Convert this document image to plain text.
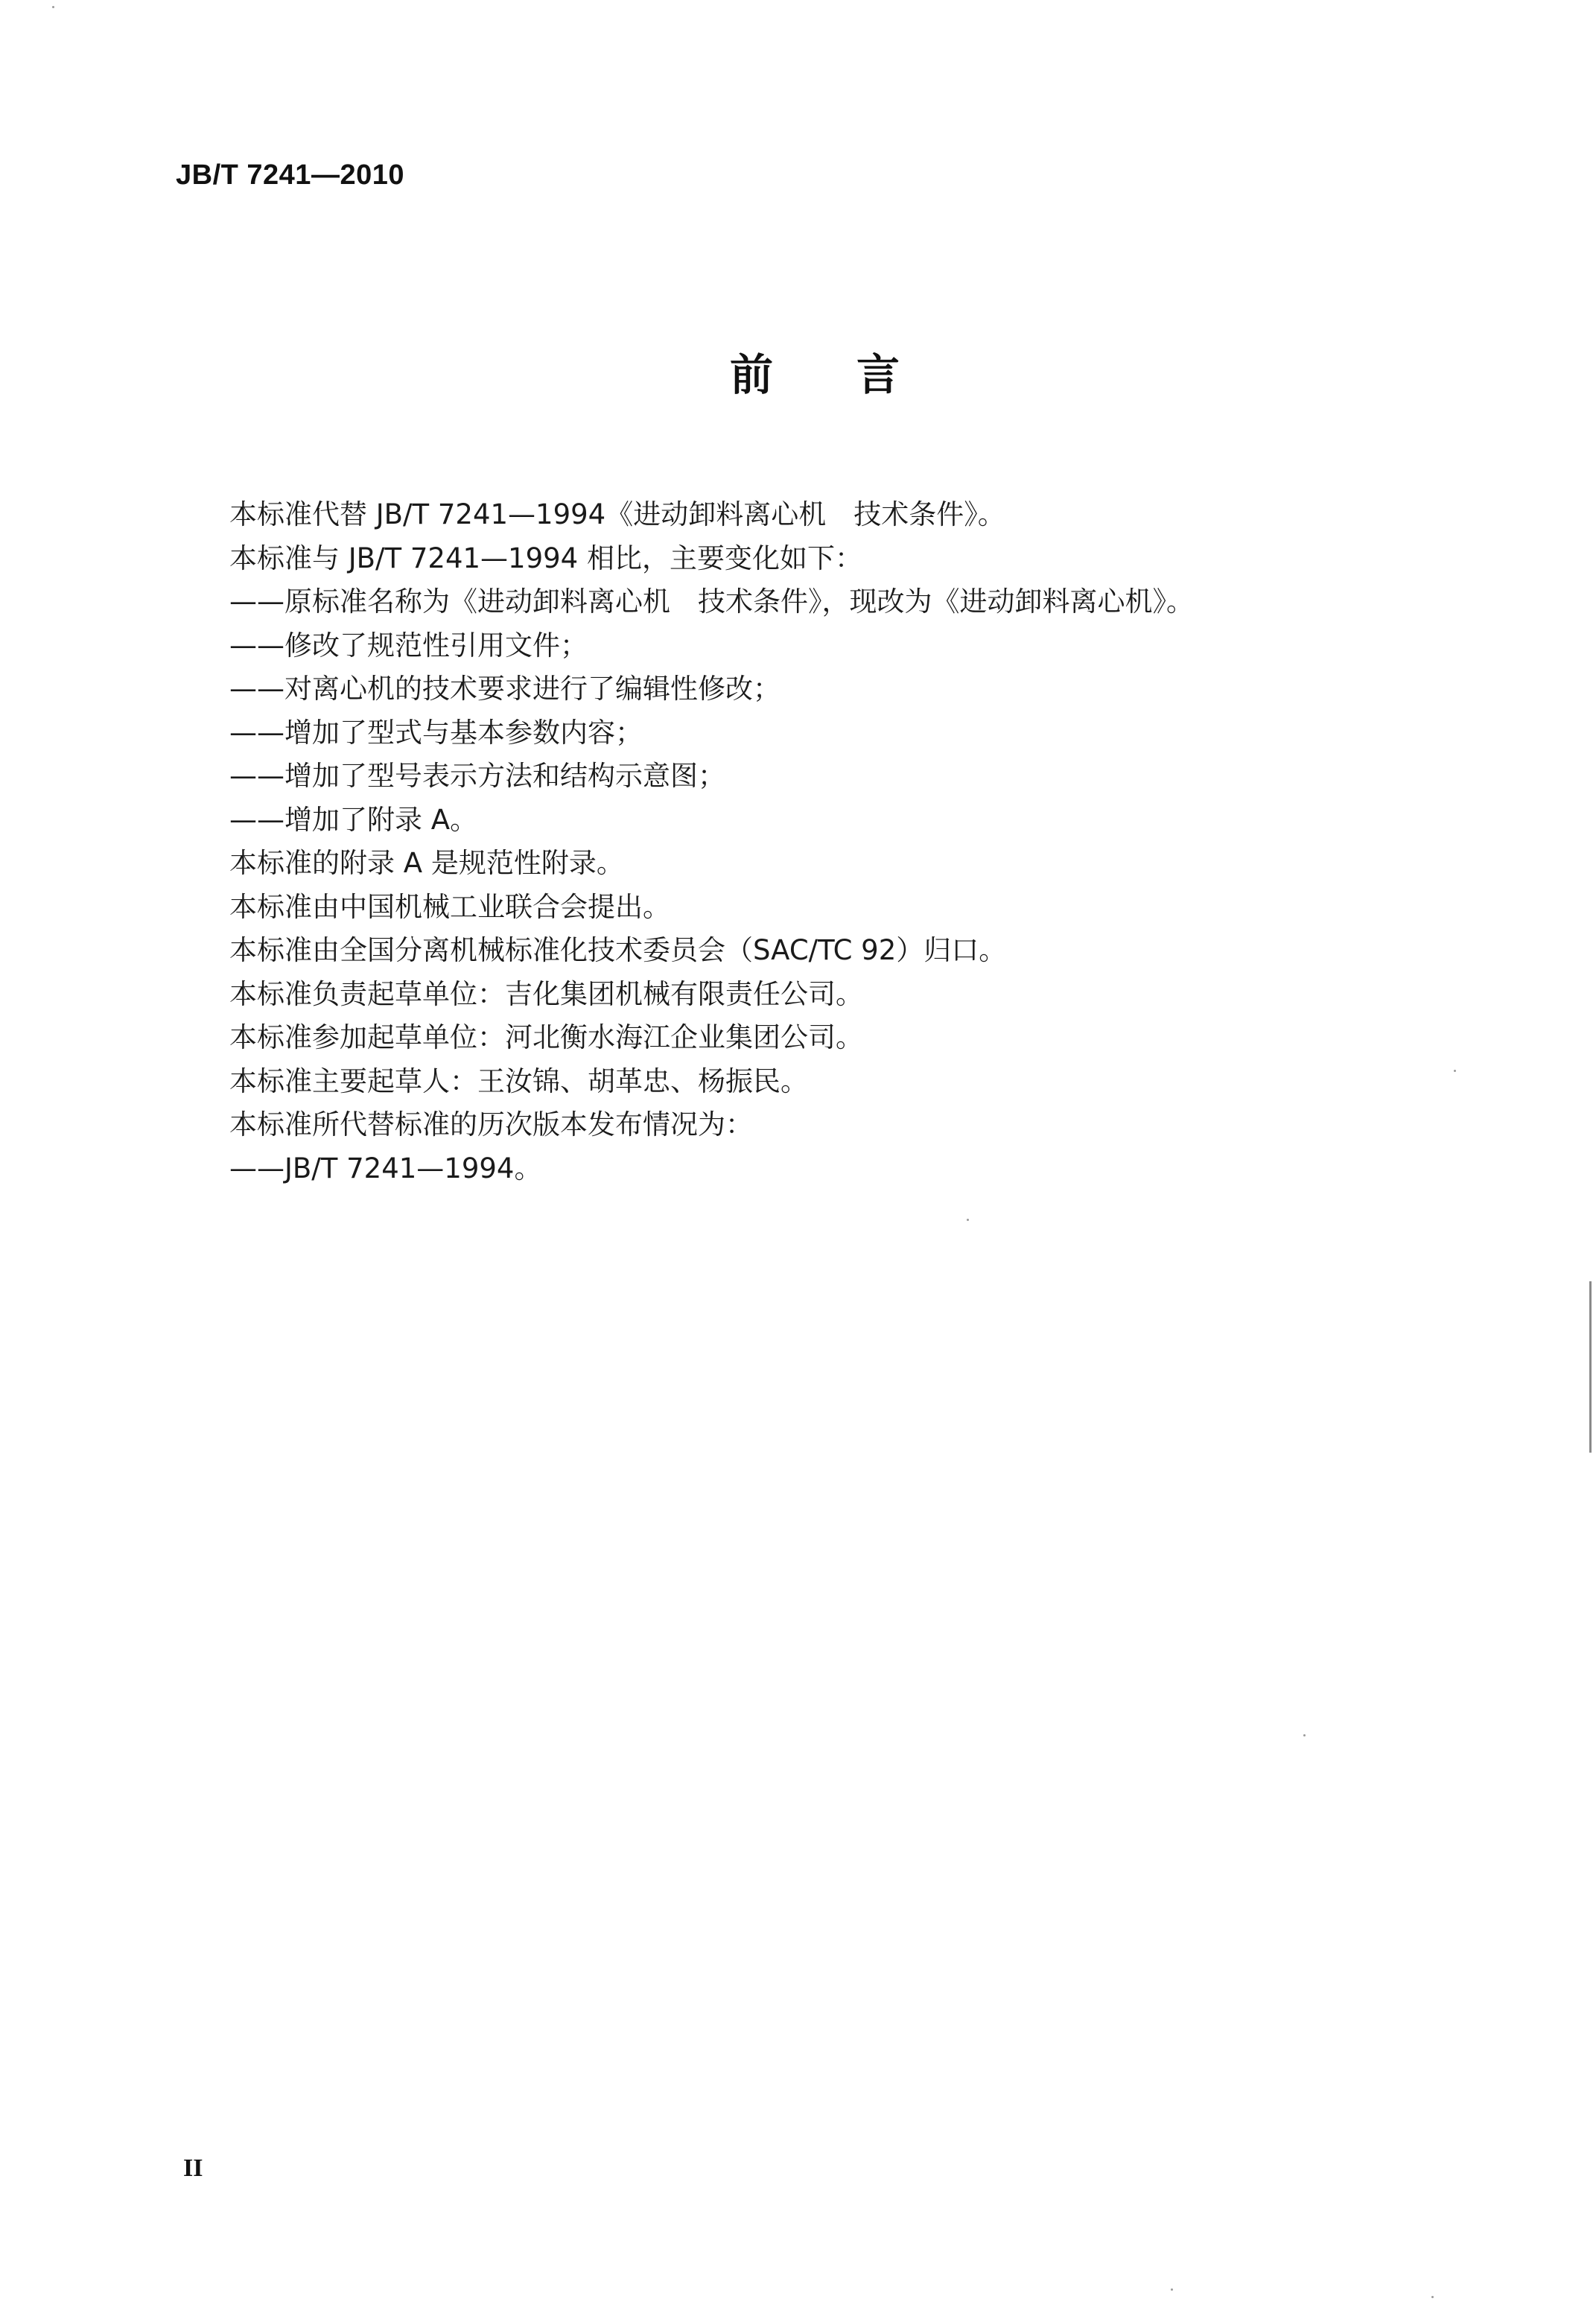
JB/T 7241—2010
前言
本标准代替 JB/T 7241—1994《进动卸料离心机　技术条件》。
本标准与 JB/T 7241—1994 相比，主要变化如下：
——原标准名称为《进动卸料离心机　技术条件》，现改为《进动卸料离心机》。
——修改了规范性引用文件；
——对离心机的技术要求进行了编辑性修改；
——增加了型式与基本参数内容；
——增加了型号表示方法和结构示意图；
——增加了附录 A。
本标准的附录 A 是规范性附录。
本标准由中国机械工业联合会提出。
本标准由全国分离机械标准化技术委员会（SAC/TC 92）归口。
本标准负责起草单位：吉化集团机械有限责任公司。
本标准参加起草单位：河北衡水海江企业集团公司。
本标准主要起草人：王汝锦、胡革忠、杨振民。
本标准所代替标准的历次版本发布情况为：
——JB/T 7241—1994。
II
